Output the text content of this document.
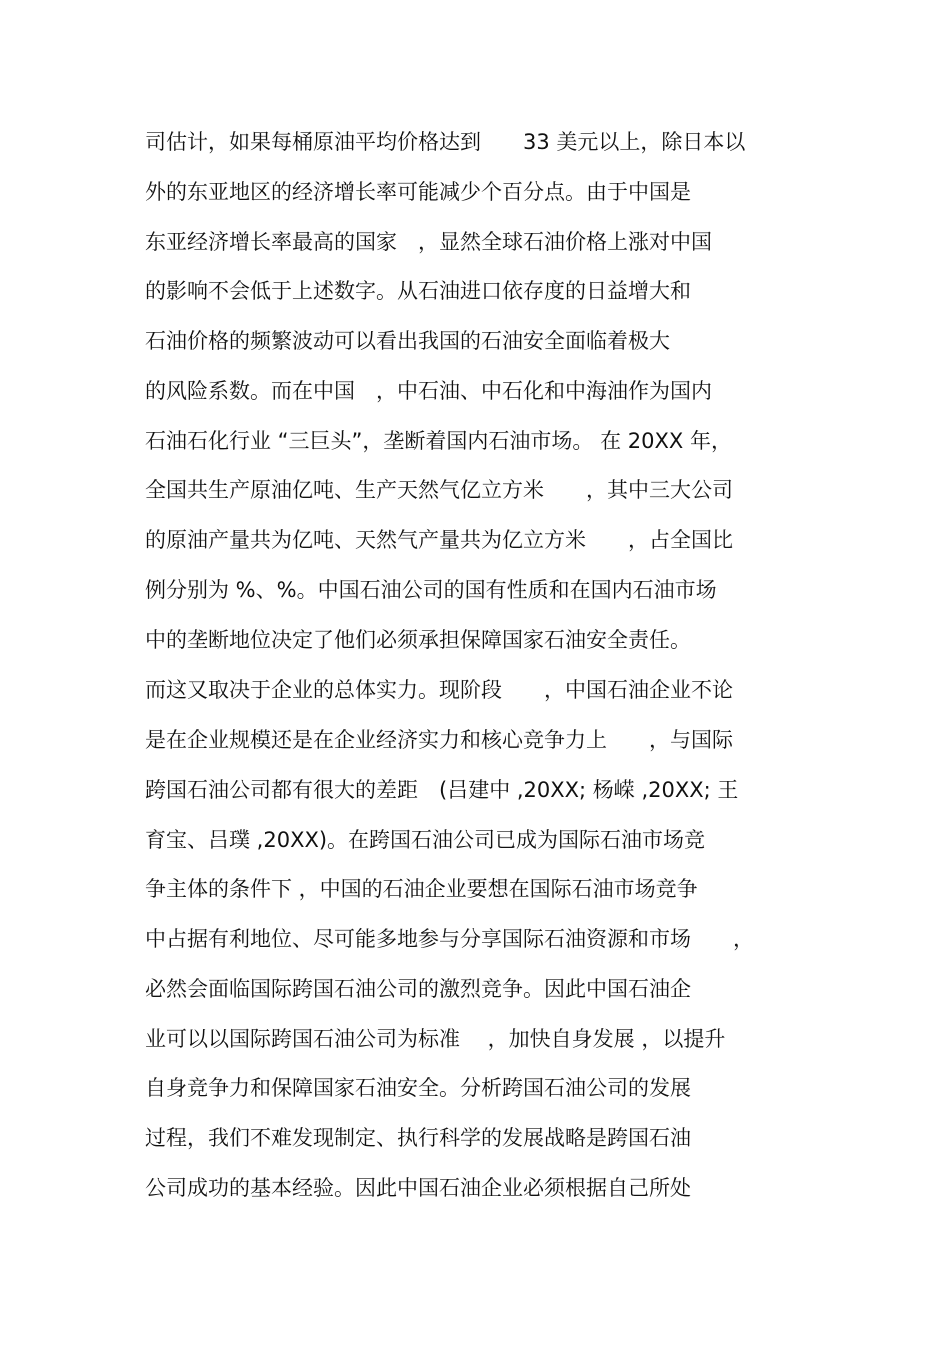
司估计，如果每桶原油平均价格达到　　33 美元以上，除日本以
外的东亚地区的经济增长率可能减少个百分点。由于中国是
东亚经济增长率最高的国家　，显然全球石油价格上涨对中国
的影响不会低于上述数字。从石油进口依存度的日益增大和
石油价格的频繁波动可以看出我国的石油安全面临着极大
的风险系数。而在中国　，中石油、中石化和中海油作为国内
石油石化行业 “三巨头”，垄断着国内石油市场。 在 20XX 年，
全国共生产原油亿吨、生产天然气亿立方米　　，其中三大公司
的原油产量共为亿吨、天然气产量共为亿立方米　　，占全国比
例分别为 %、%。中国石油公司的国有性质和在国内石油市场
中的垄断地位决定了他们必须承担保障国家石油安全责任。
而这又取决于企业的总体实力。现阶段　　，中国石油企业不论
是在企业规模还是在企业经济实力和核心竞争力上　　，与国际
跨国石油公司都有很大的差距　(吕建中 ,20XX; 杨嵘 ,20XX; 王
育宝、吕璞 ,20XX)。在跨国石油公司已成为国际石油市场竞
争主体的条件下 ，中国的石油企业要想在国际石油市场竞争
中占据有利地位、尽可能多地参与分享国际石油资源和市场　　，
必然会面临国际跨国石油公司的激烈竞争。因此中国石油企
业可以以国际跨国石油公司为标准　 ，加快自身发展 ，以提升
自身竞争力和保障国家石油安全。分析跨国石油公司的发展
过程，我们不难发现制定、执行科学的发展战略是跨国石油
公司成功的基本经验。因此中国石油企业必须根据自己所处
